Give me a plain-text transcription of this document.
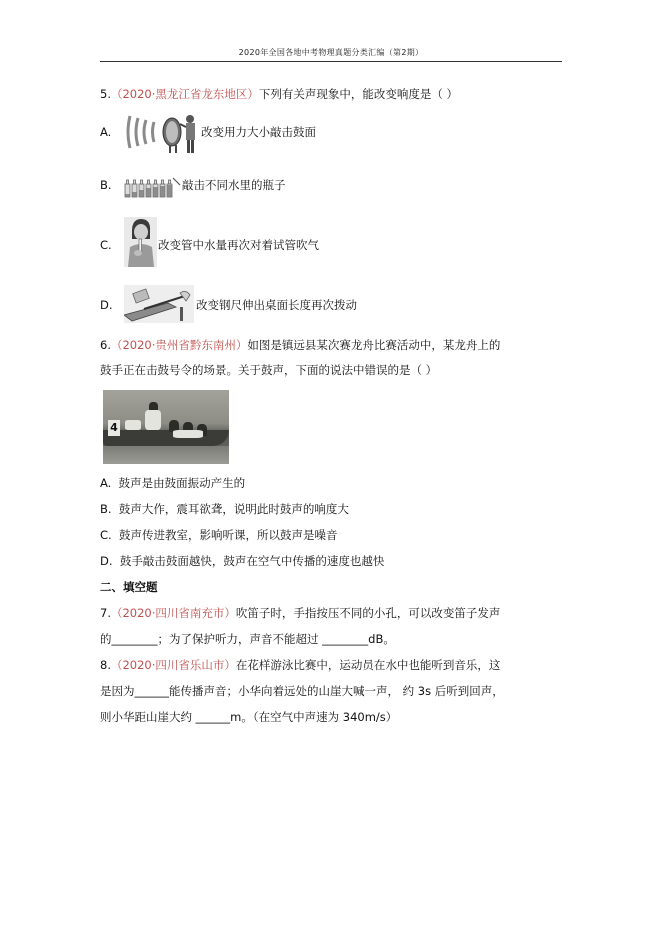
2020年全国各地中考物理真题分类汇编（第2期）
5.（2020·黑龙江省龙东地区）下列有关声现象中，能改变响度是（ ）
A.	改变用力大小敲击鼓面
B.	敲击不同水里的瓶子
C.	改变管中水量再次对着试管吹气
D.	改变钢尺伸出桌面长度再次拨动
6.（2020·贵州省黔东南州）如图是镇远县某次赛龙舟比赛活动中，某龙舟上的
鼓手正在击鼓号令的场景。关于鼓声，下面的说法中错误的是（ ）
4
A. 鼓声是由鼓面振动产生的
B. 鼓声大作，震耳欲聋，说明此时鼓声的响度大
C. 鼓声传进教室，影响听课，所以鼓声是噪音
D. 鼓手敲击鼓面越快，鼓声在空气中传播的速度也越快
二、填空题
7.（2020·四川省南充市）吹笛子时，手指按压不同的小孔，可以改变笛子发声
的________；为了保护听力，声音不能超过 ________dB。
8.（2020·四川省乐山市）在花样游泳比赛中，运动员在水中也能听到音乐，这
是因为______能传播声音；小华向着远处的山崖大喊一声， 约 3s 后听到回声，
则小华距山崖大约 ______m。（在空气中声速为 340m/s）
